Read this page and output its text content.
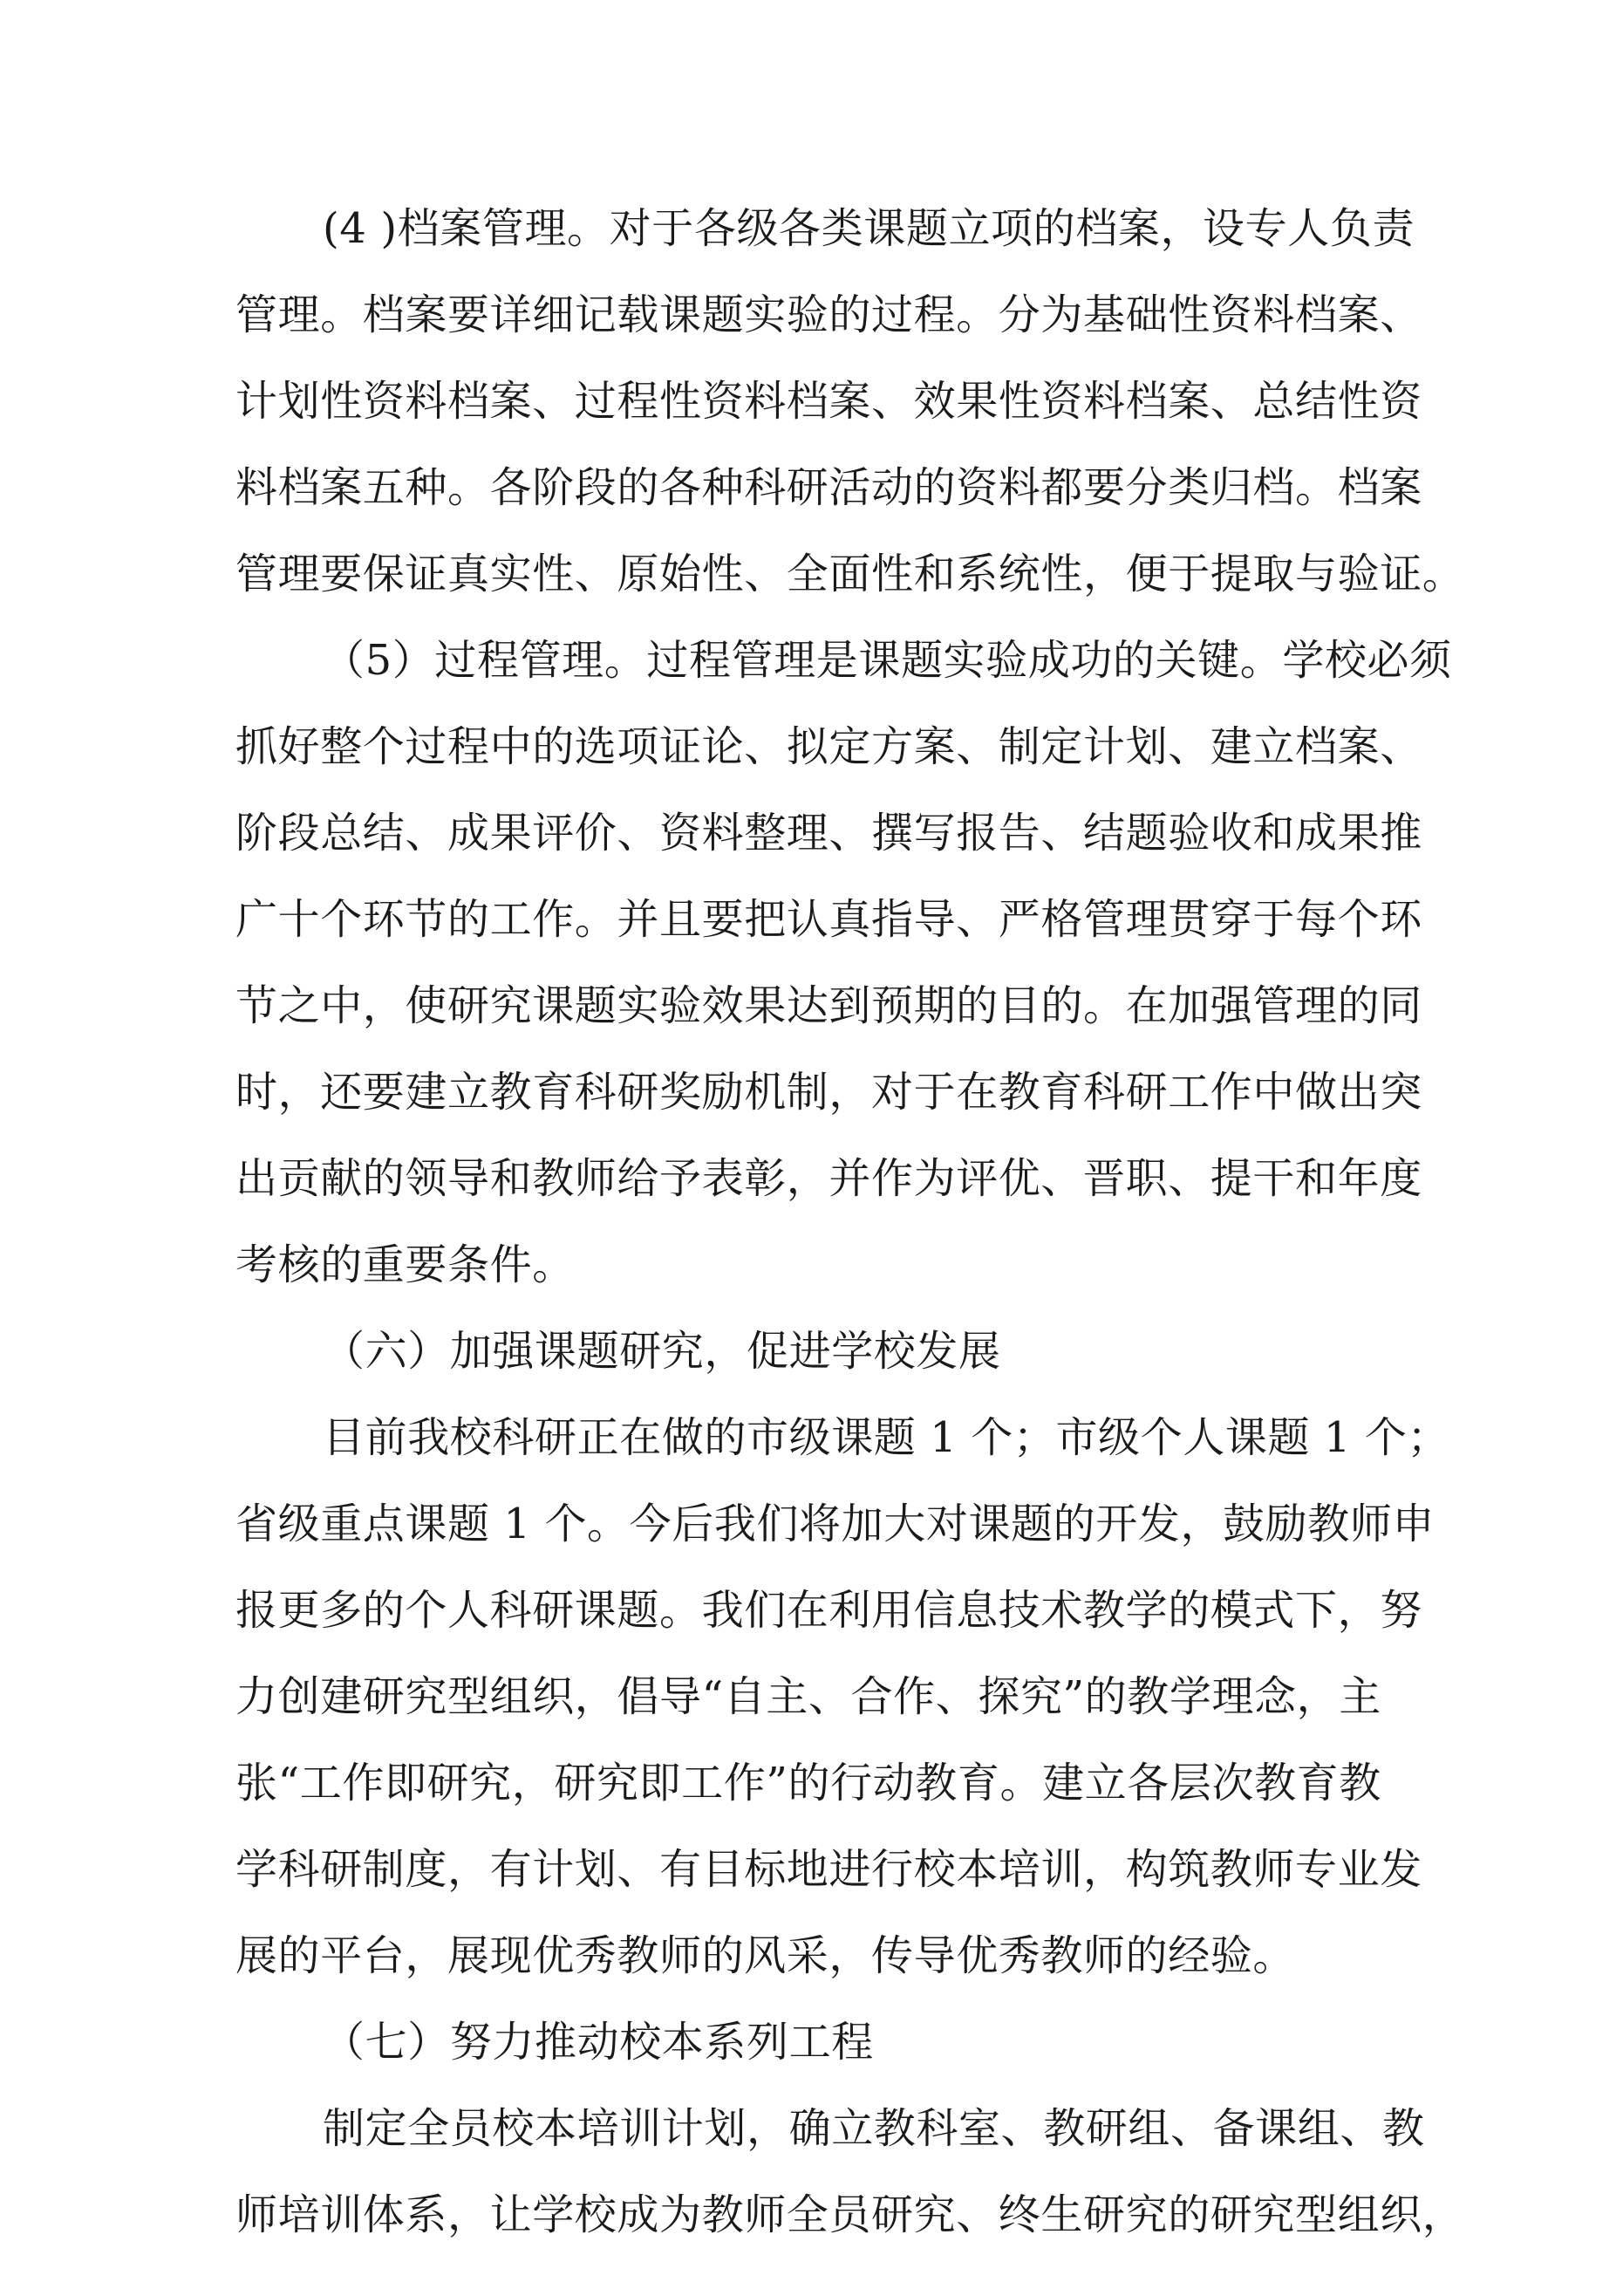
(4 )档案管理。对于各级各类课题立项的档案，设专人负责
管理。档案要详细记载课题实验的过程。分为基础性资料档案、
计划性资料档案、过程性资料档案、效果性资料档案、总结性资
料档案五种。各阶段的各种科研活动的资料都要分类归档。档案
管理要保证真实性、原始性、全面性和系统性，便于提取与验证。
（5）过程管理。过程管理是课题实验成功的关键。学校必须
抓好整个过程中的选项证论、拟定方案、制定计划、建立档案、
阶段总结、成果评价、资料整理、撰写报告、结题验收和成果推
广十个环节的工作。并且要把认真指导、严格管理贯穿于每个环
节之中，使研究课题实验效果达到预期的目的。在加强管理的同
时，还要建立教育科研奖励机制，对于在教育科研工作中做出突
出贡献的领导和教师给予表彰，并作为评优、晋职、提干和年度
考核的重要条件。
（六）加强课题研究，促进学校发展
目前我校科研正在做的市级课题 1 个；市级个人课题 1 个；
省级重点课题 1 个。今后我们将加大对课题的开发，鼓励教师申
报更多的个人科研课题。我们在利用信息技术教学的模式下，努
力创建研究型组织，倡导“自主、合作、探究”的教学理念，主
张“工作即研究，研究即工作”的行动教育。建立各层次教育教
学科研制度，有计划、有目标地进行校本培训，构筑教师专业发
展的平台，展现优秀教师的风采，传导优秀教师的经验。
（七）努力推动校本系列工程
制定全员校本培训计划，确立教科室、教研组、备课组、教
师培训体系，让学校成为教师全员研究、终生研究的研究型组织，
